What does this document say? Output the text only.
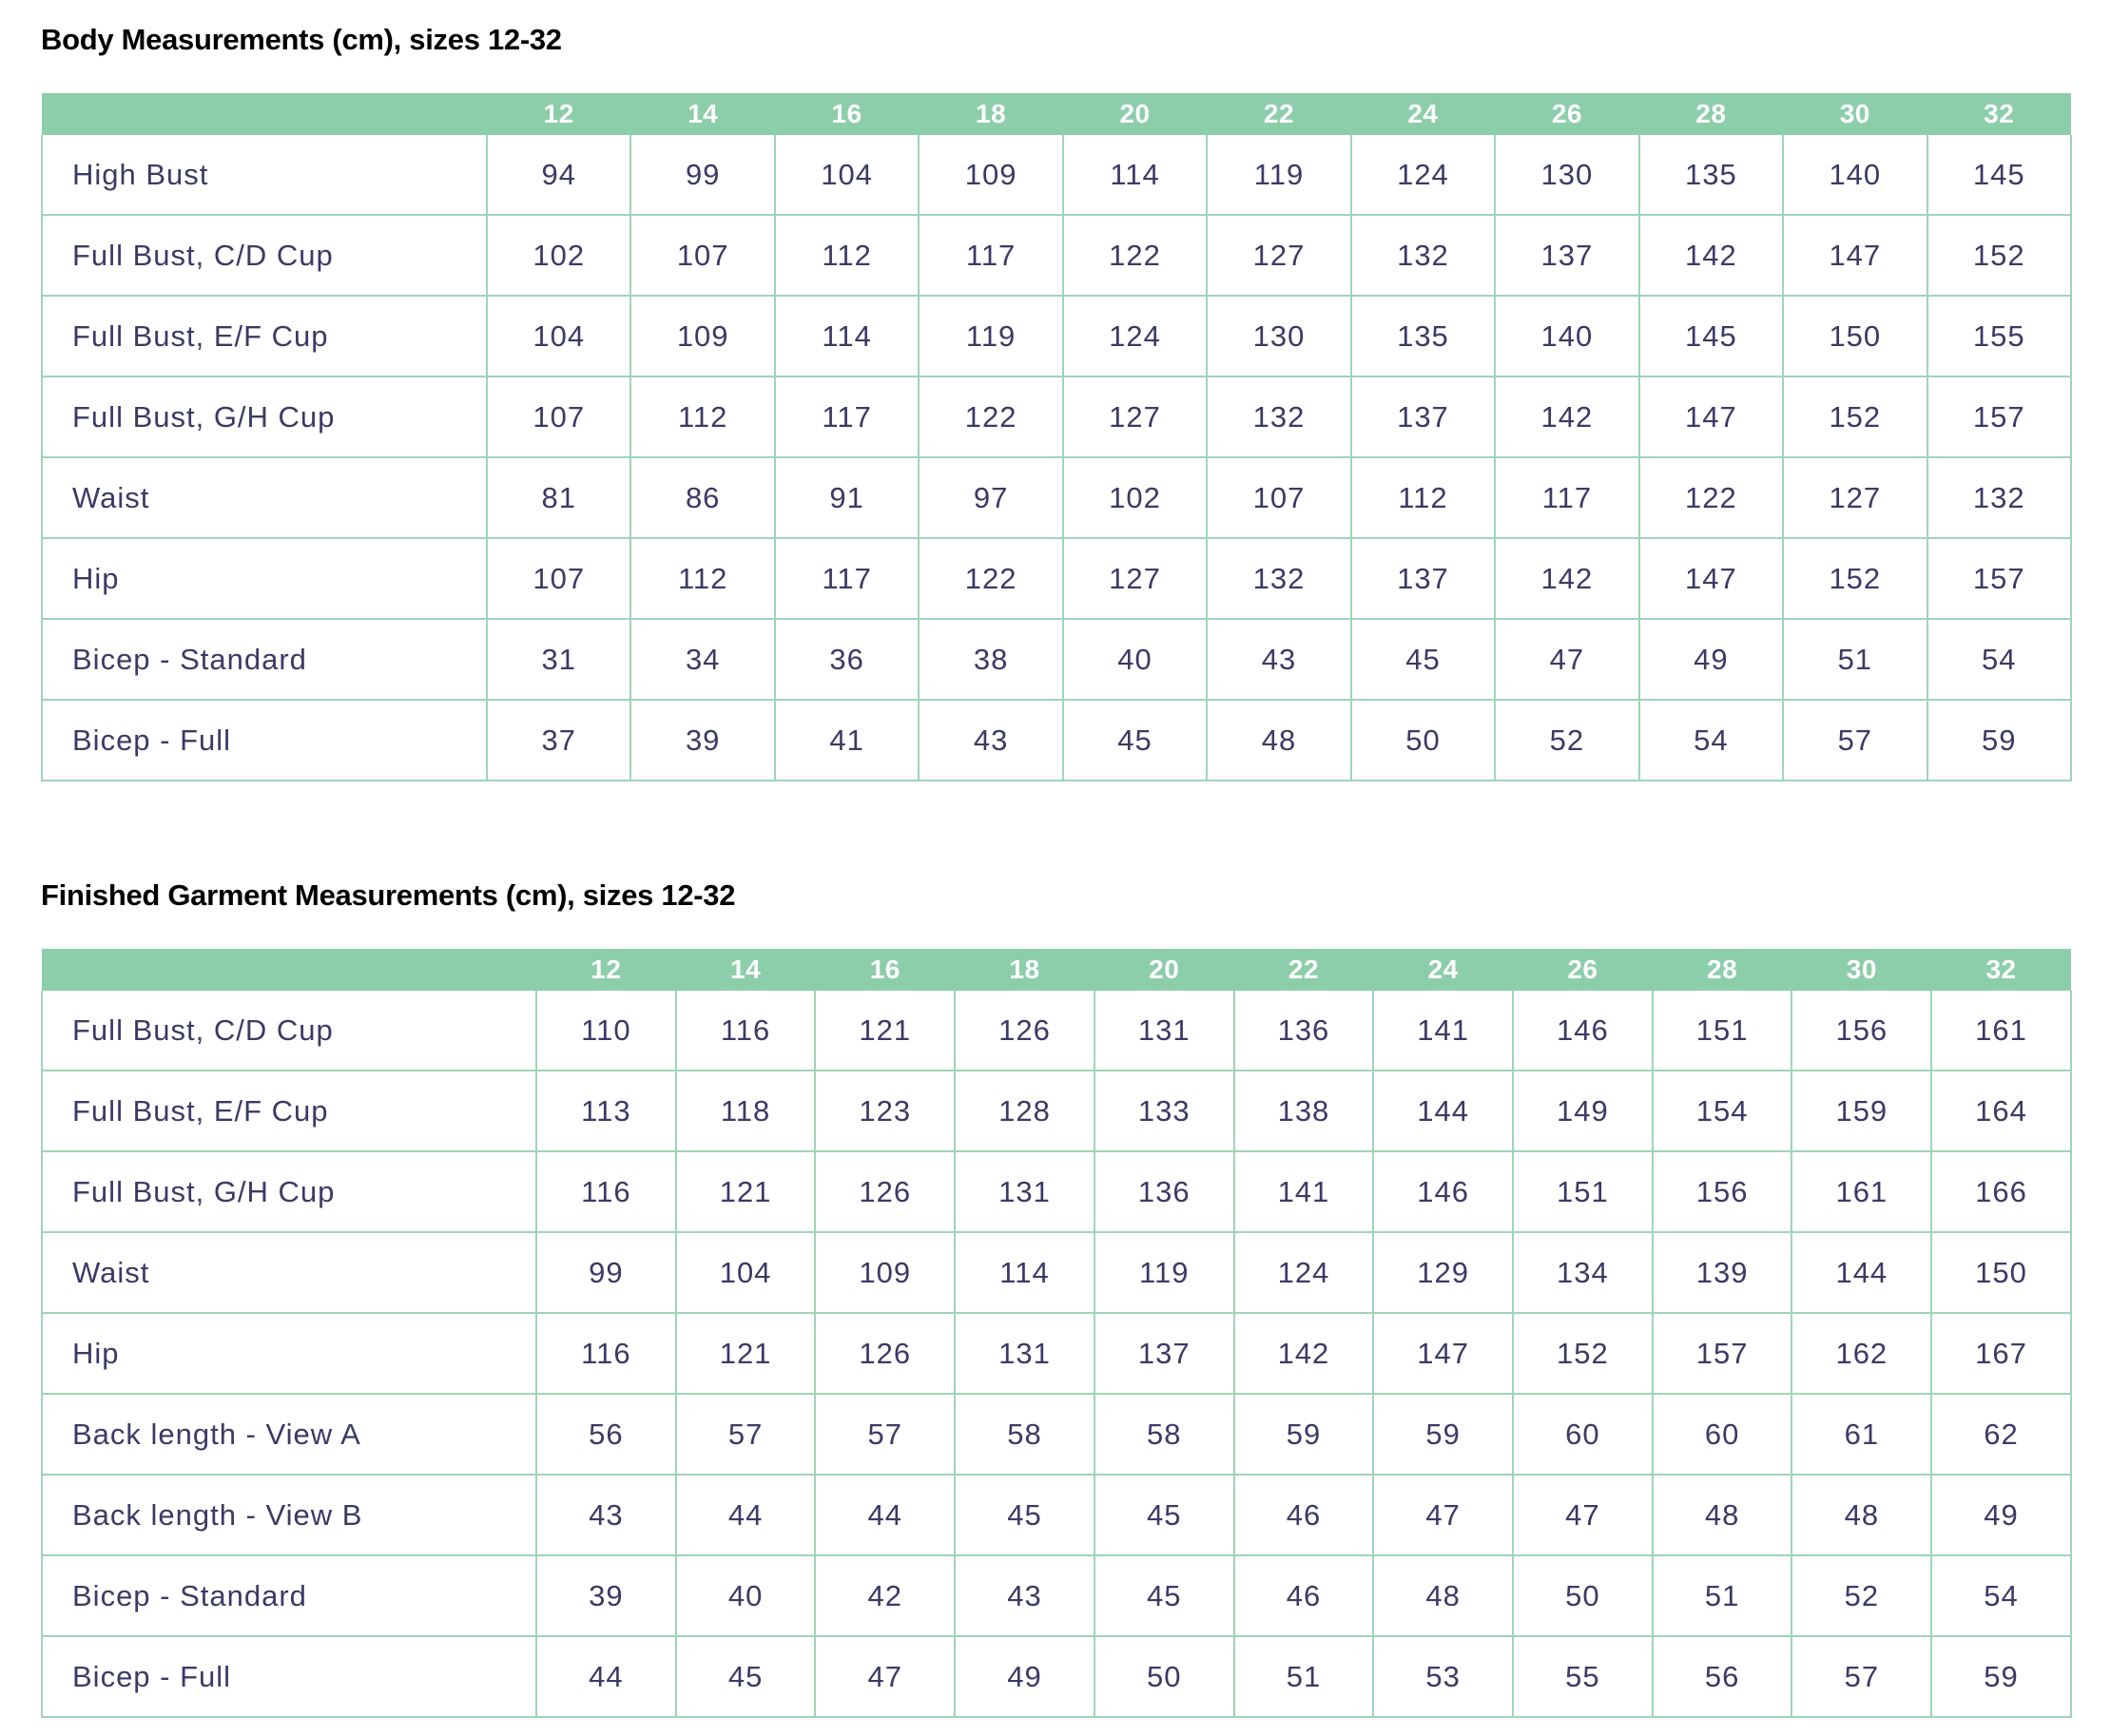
Body Measurements (cm), sizes 12-32
	12	14	16	18	20	22	24	26	28	30	32
High Bust	94	99	104	109	114	119	124	130	135	140	145
Full Bust, C/D Cup	102	107	112	117	122	127	132	137	142	147	152
Full Bust, E/F Cup	104	109	114	119	124	130	135	140	145	150	155
Full Bust, G/H Cup	107	112	117	122	127	132	137	142	147	152	157
Waist	81	86	91	97	102	107	112	117	122	127	132
Hip	107	112	117	122	127	132	137	142	147	152	157
Bicep - Standard	31	34	36	38	40	43	45	47	49	51	54
Bicep - Full	37	39	41	43	45	48	50	52	54	57	59
Finished Garment Measurements (cm), sizes 12-32
	12	14	16	18	20	22	24	26	28	30	32
Full Bust, C/D Cup	110	116	121	126	131	136	141	146	151	156	161
Full Bust, E/F Cup	113	118	123	128	133	138	144	149	154	159	164
Full Bust, G/H Cup	116	121	126	131	136	141	146	151	156	161	166
Waist	99	104	109	114	119	124	129	134	139	144	150
Hip	116	121	126	131	137	142	147	152	157	162	167
Back length - View A	56	57	57	58	58	59	59	60	60	61	62
Back length - View B	43	44	44	45	45	46	47	47	48	48	49
Bicep - Standard	39	40	42	43	45	46	48	50	51	52	54
Bicep - Full	44	45	47	49	50	51	53	55	56	57	59
